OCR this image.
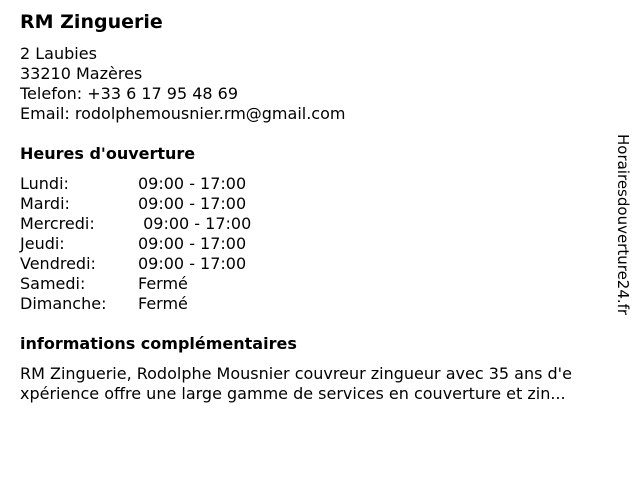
RM Zinguerie
2 Laubies
33210 Mazères
Telefon: +33 6 17 95 48 69
Email: rodolphemousnier.rm@gmail.com
Heures d'ouverture
Lundi:	09:00 - 17:00
Mardi:	09:00 - 17:00
Mercredi:	09:00 - 17:00
Jeudi:	09:00 - 17:00
Vendredi:	09:00 - 17:00
Samedi:	Fermé
Dimanche: Fermé
informations complémentaires
RM Zinguerie, Rodolphe Mousnier couvreur zingueur avec 35 ans d'e
xpérience offre une large gamme de services en couverture et zin...
Horairesdouverture24.fr
